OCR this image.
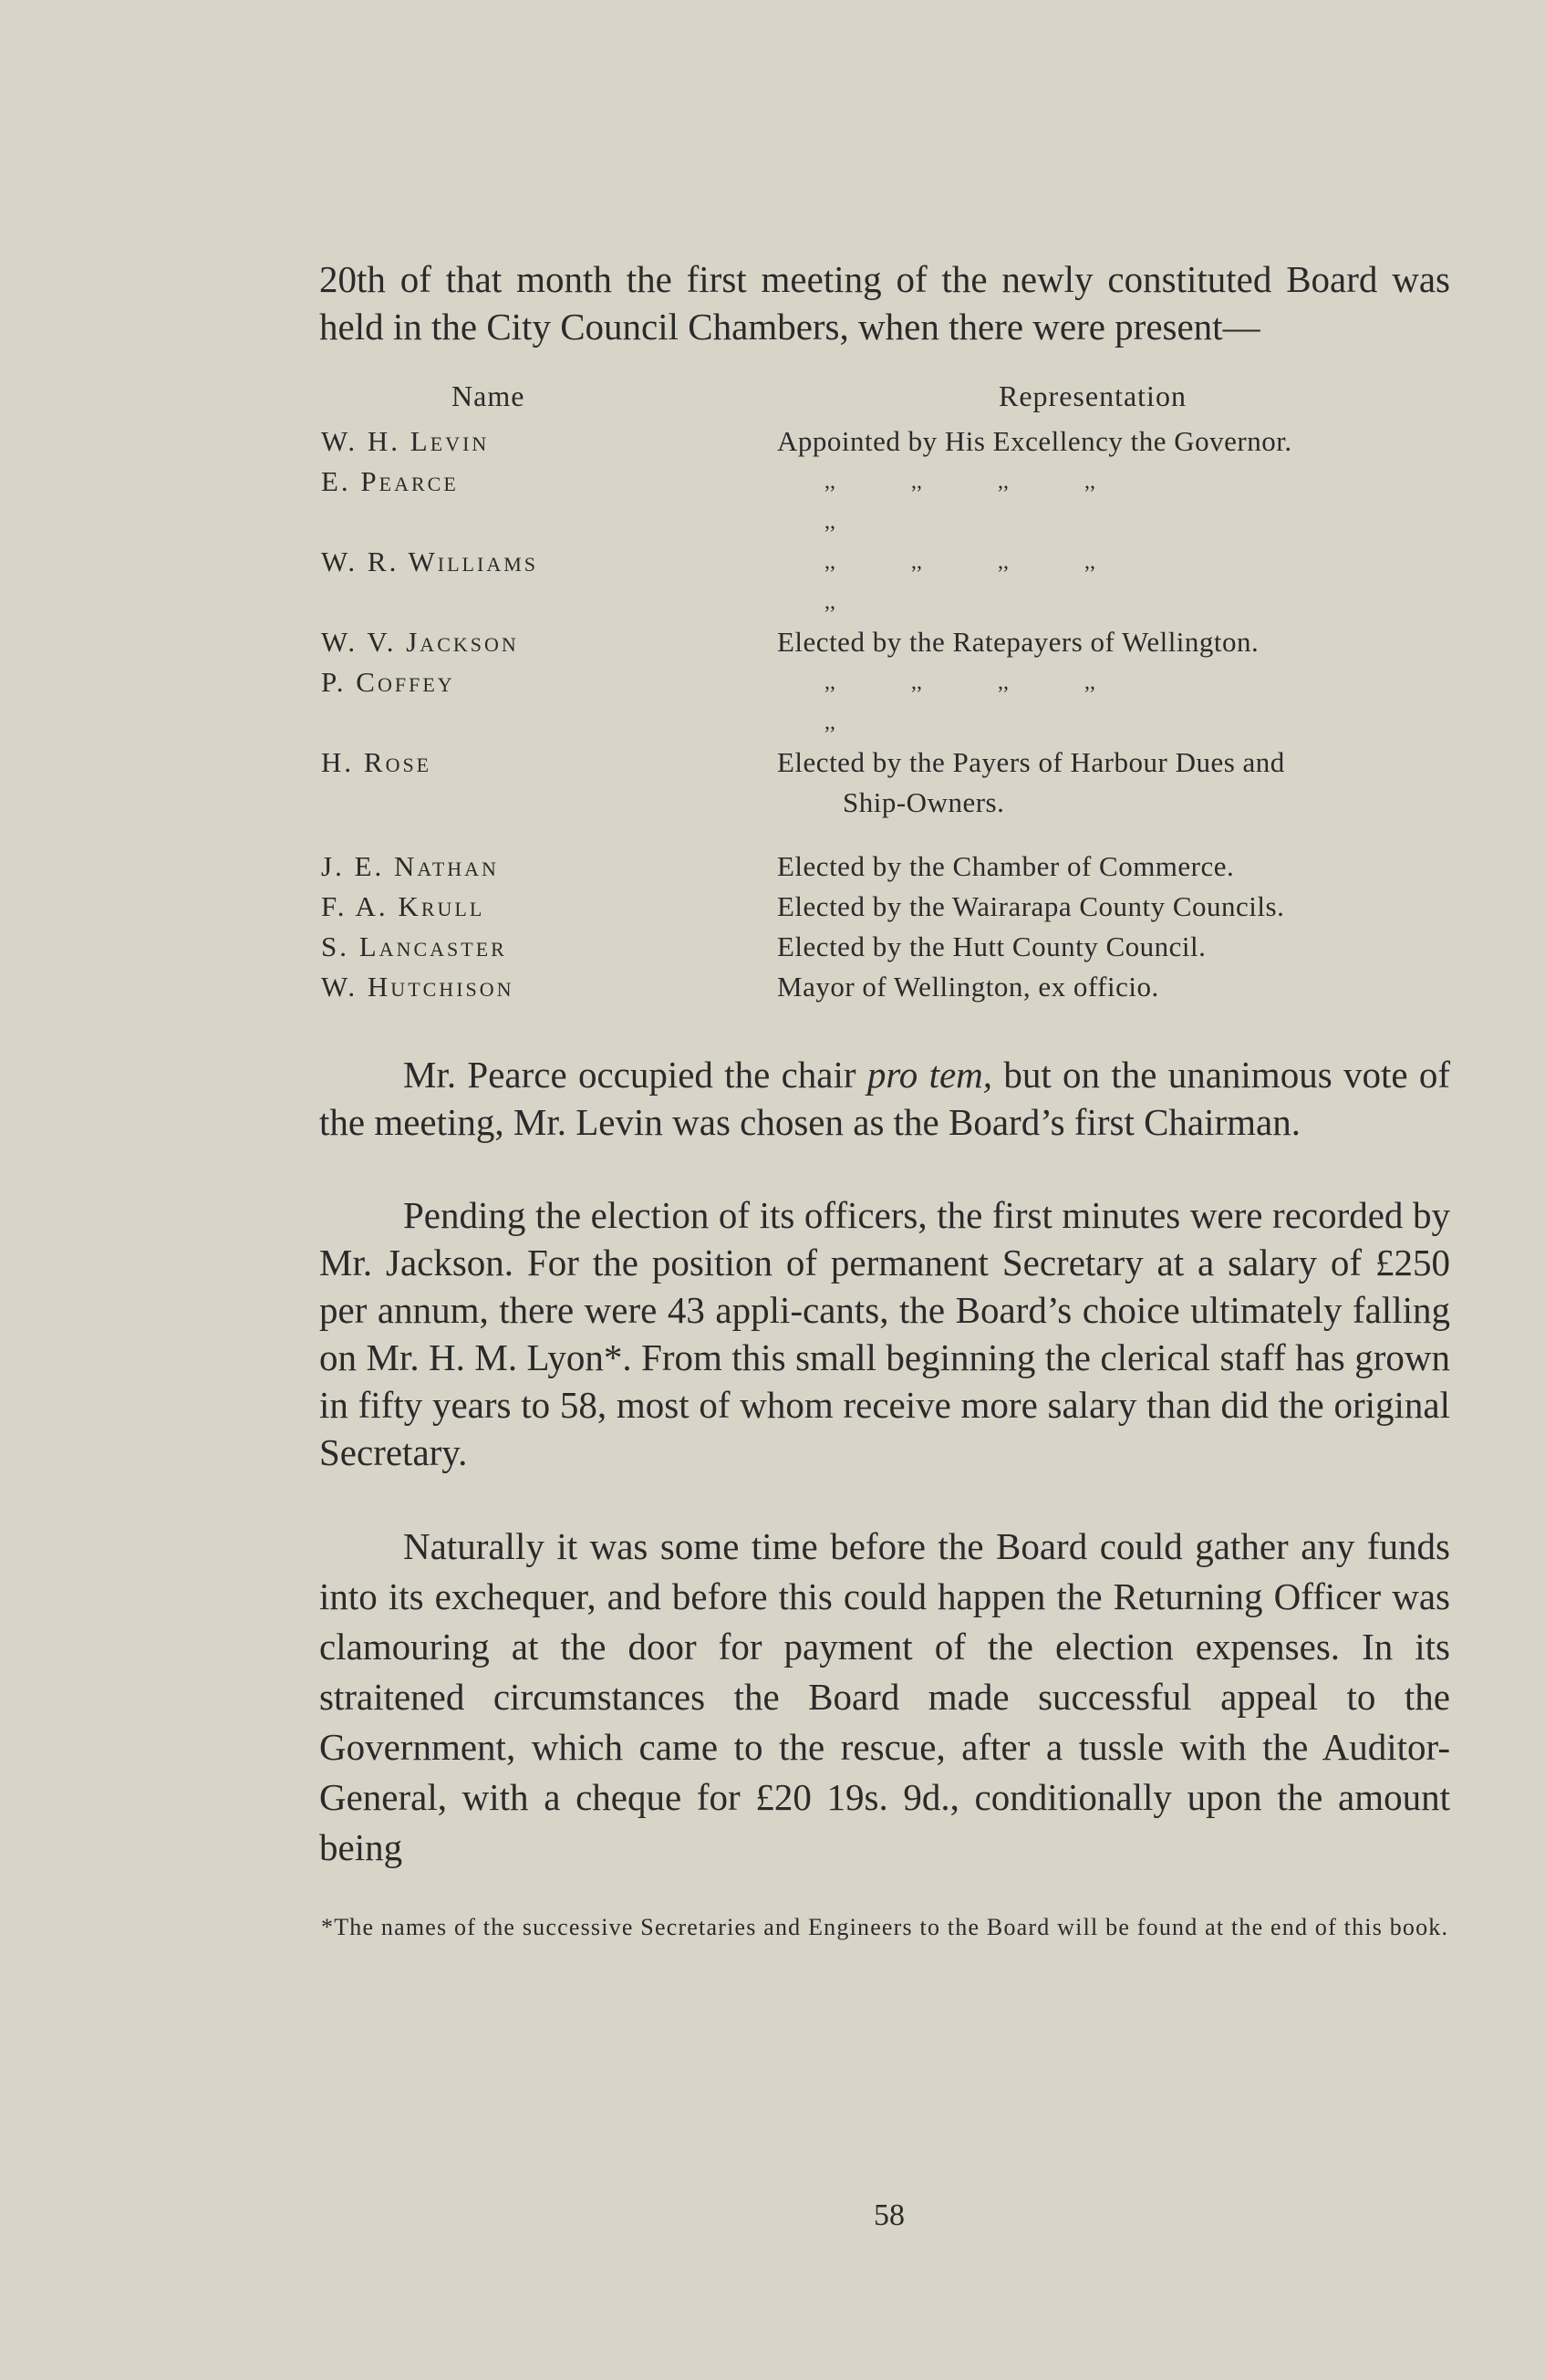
20th of that month the first meeting of the newly constituted Board was held in the City Council Chambers, when there were present—

Name	Representation
W. H. Levin	Appointed by His Excellency the Governor.
E. Pearce	,,	,,	,,	,,,,
W. R. Williams	,,	,,	,,	,,,,
W. V. Jackson	Elected by the Ratepayers of Wellington.
P. Coffey	,,	,,	,,	,,,,
H. Rose	Elected by the Payers of Harbour Dues and
Ship-Owners.
J. E. Nathan	Elected by the Chamber of Commerce.
F. A. Krull	Elected by the Wairarapa County Councils.
S. Lancaster	Elected by the Hutt County Council.
W. Hutchison	Mayor of Wellington, ex officio.

Mr. Pearce occupied the chair pro tem, but on the unanimous vote of the meeting, Mr. Levin was chosen as the Board’s first Chairman.

Pending the election of its officers, the first minutes were recorded by Mr. Jackson. For the position of permanent Secretary at a salary of £250 per annum, there were 43 appli-cants, the Board’s choice ultimately falling on Mr. H. M. Lyon*. From this small beginning the clerical staff has grown in fifty years to 58, most of whom receive more salary than did the original Secretary.

Naturally it was some time before the Board could gather any funds into its exchequer, and before this could happen the Returning Officer was clamouring at the door for payment of the election expenses. In its straitened circumstances the Board made successful appeal to the Government, which came to the rescue, after a tussle with the Auditor-General, with a cheque for £20 19s. 9d., conditionally upon the amount being

*The names of the successive Secretaries and Engineers to the Board will be found at the end of this book.
58
